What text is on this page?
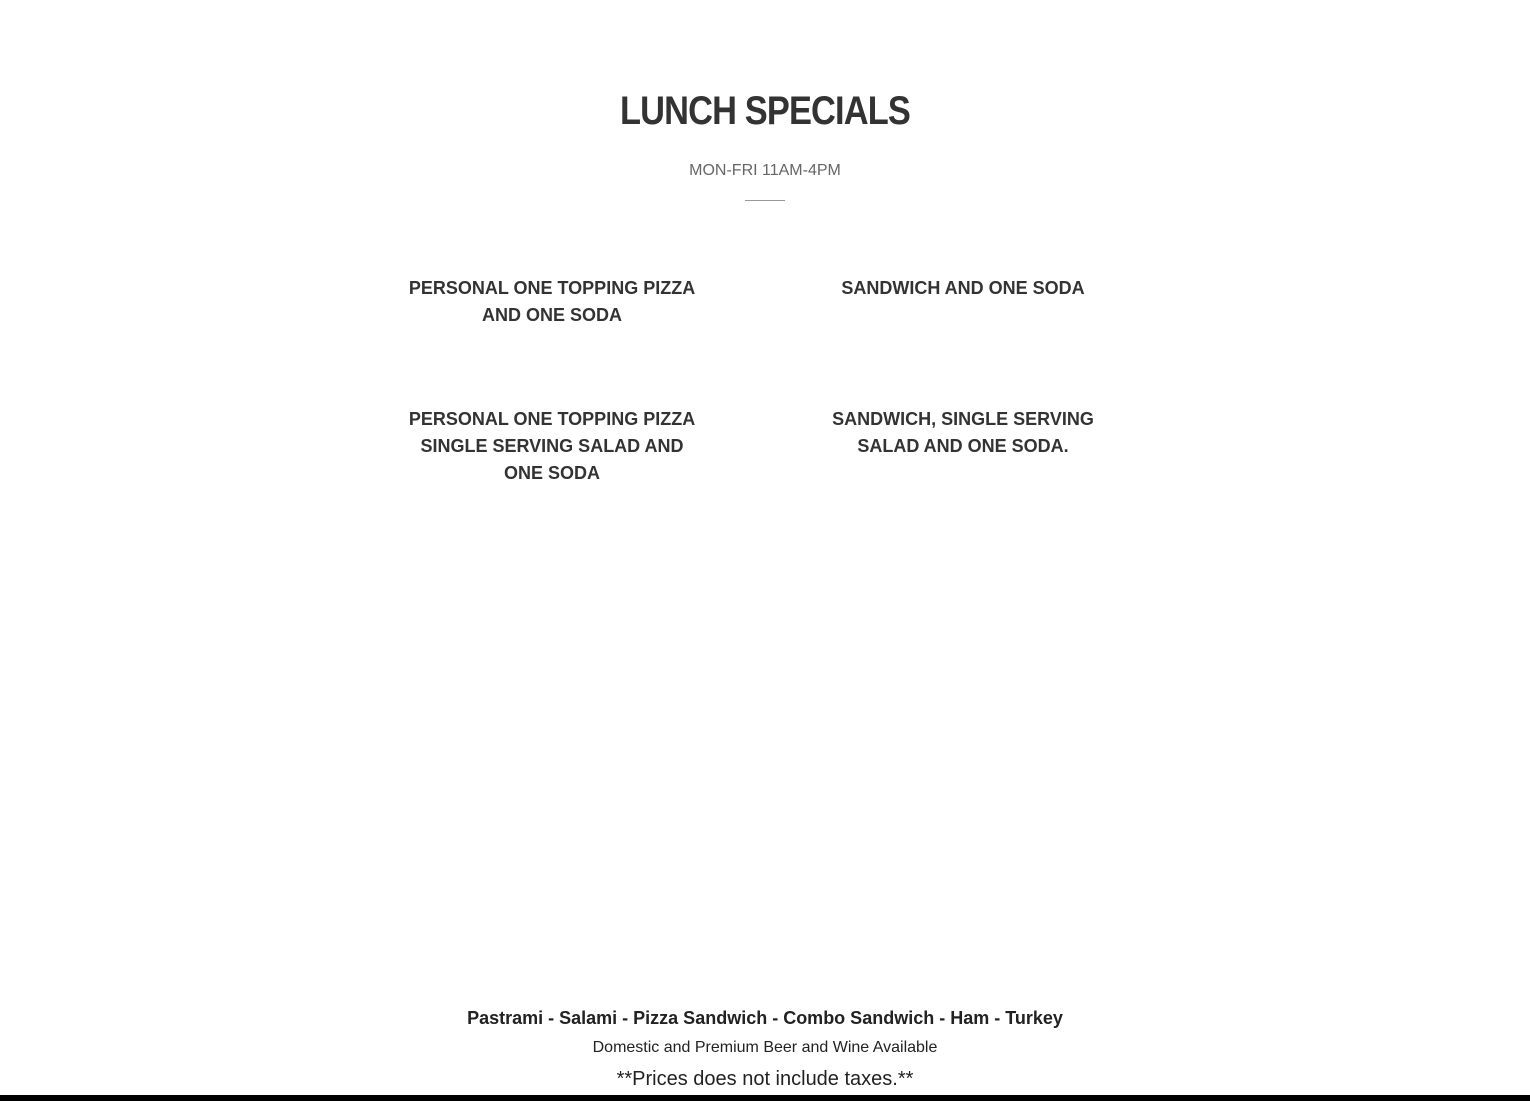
LUNCH SPECIALS

MON-FRI 11AM-4PM

PERSONAL ONE TOPPING PIZZA AND ONE SODA

SANDWICH AND ONE SODA

PERSONAL ONE TOPPING PIZZA SINGLE SERVING SALAD AND ONE SODA

SANDWICH, SINGLE SERVING SALAD AND ONE SODA.

Pastrami - Salami - Pizza Sandwich - Combo Sandwich - Ham - Turkey

Domestic and Premium Beer and Wine Available

**Prices does not include taxes.**
